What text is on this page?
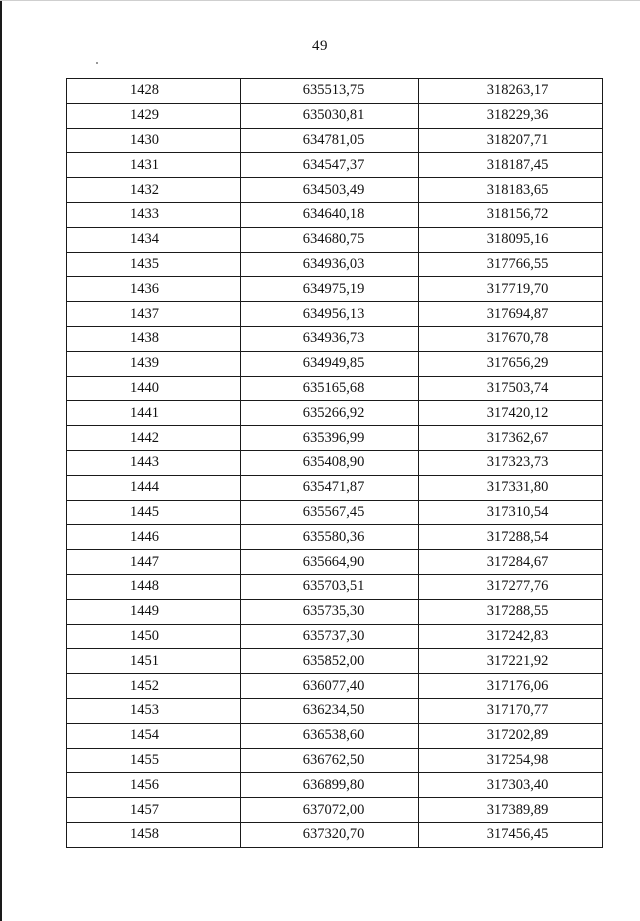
49
1428	635513,75	318263,17
1429	635030,81	318229,36
1430	634781,05	318207,71
1431	634547,37	318187,45
1432	634503,49	318183,65
1433	634640,18	318156,72
1434	634680,75	318095,16
1435	634936,03	317766,55
1436	634975,19	317719,70
1437	634956,13	317694,87
1438	634936,73	317670,78
1439	634949,85	317656,29
1440	635165,68	317503,74
1441	635266,92	317420,12
1442	635396,99	317362,67
1443	635408,90	317323,73
1444	635471,87	317331,80
1445	635567,45	317310,54
1446	635580,36	317288,54
1447	635664,90	317284,67
1448	635703,51	317277,76
1449	635735,30	317288,55
1450	635737,30	317242,83
1451	635852,00	317221,92
1452	636077,40	317176,06
1453	636234,50	317170,77
1454	636538,60	317202,89
1455	636762,50	317254,98
1456	636899,80	317303,40
1457	637072,00	317389,89
1458	637320,70	317456,45
